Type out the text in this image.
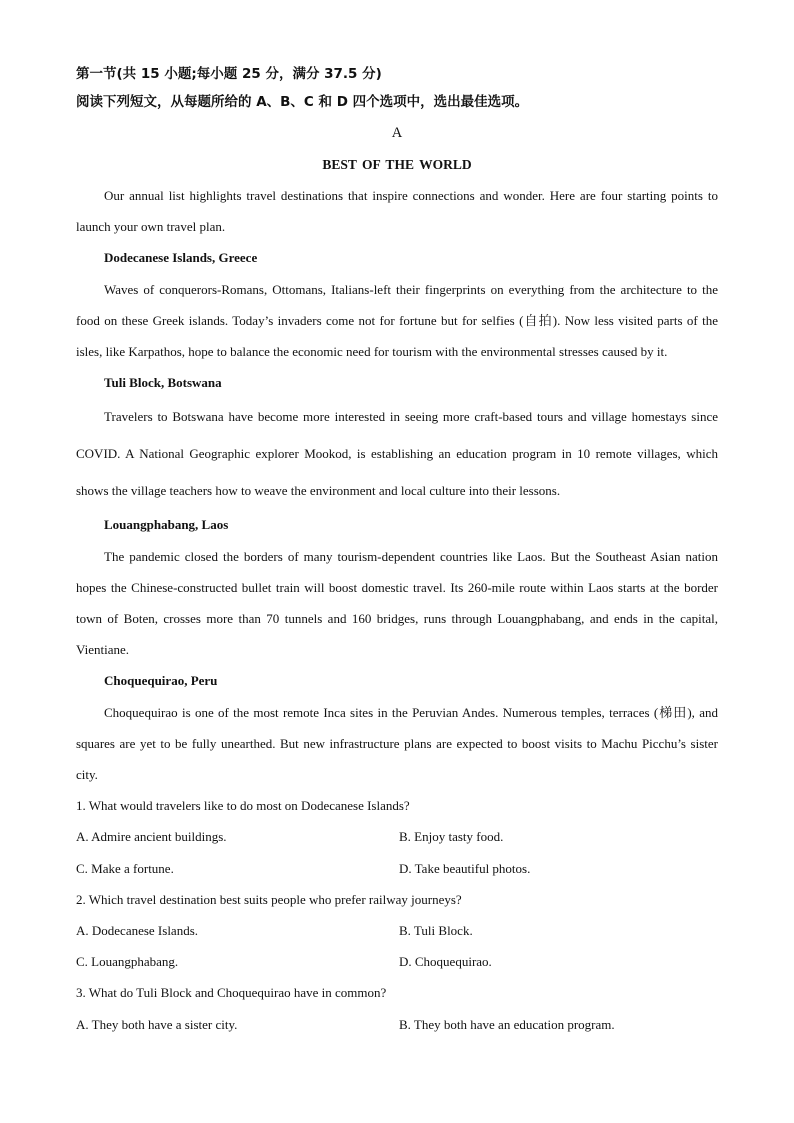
第一节(共 15 小题;每小题 25 分，满分 37.5 分)

阅读下列短文，从每题所给的 A、B、C 和 D 四个选项中，选出最佳选项。

A

BEST OF THE WORLD

Our annual list highlights travel destinations that inspire connections and wonder. Here are four starting points to launch your own travel plan.

Dodecanese Islands, Greece

Waves of conquerors-Romans, Ottomans, Italians-left their fingerprints on everything from the architecture to the food on these Greek islands. Today’s invaders come not for fortune but for selfies (自拍). Now less visited parts of the isles, like Karpathos, hope to balance the economic need for tourism with the environmental stresses caused by it.

Tuli Block, Botswana

Travelers to Botswana have become more interested in seeing more craft-based tours and village homestays since COVID. A National Geographic explorer Mookod, is establishing an education program in 10 remote villages, which shows the village teachers how to weave the environment and local culture into their lessons.

Louangphabang, Laos

The pandemic closed the borders of many tourism-dependent countries like Laos. But the Southeast Asian nation hopes the Chinese-constructed bullet train will boost domestic travel. Its 260-mile route within Laos starts at the border town of Boten, crosses more than 70 tunnels and 160 bridges, runs through Louangphabang, and ends in the capital, Vientiane.

Choquequirao, Peru

Choquequirao is one of the most remote Inca sites in the Peruvian Andes. Numerous temples, terraces (梯田), and squares are yet to be fully unearthed. But new infrastructure plans are expected to boost visits to Machu Picchu’s sister city.

1. What would travelers like to do most on Dodecanese Islands?

A. Admire ancient buildings.	B. Enjoy tasty food.
C. Make a fortune.	D. Take beautiful photos.

2. Which travel destination best suits people who prefer railway journeys?

A. Dodecanese Islands.	B. Tuli Block.
C. Louangphabang.	D. Choquequirao.

3. What do Tuli Block and Choquequirao have in common?

A. They both have a sister city.	B. They both have an education program.
